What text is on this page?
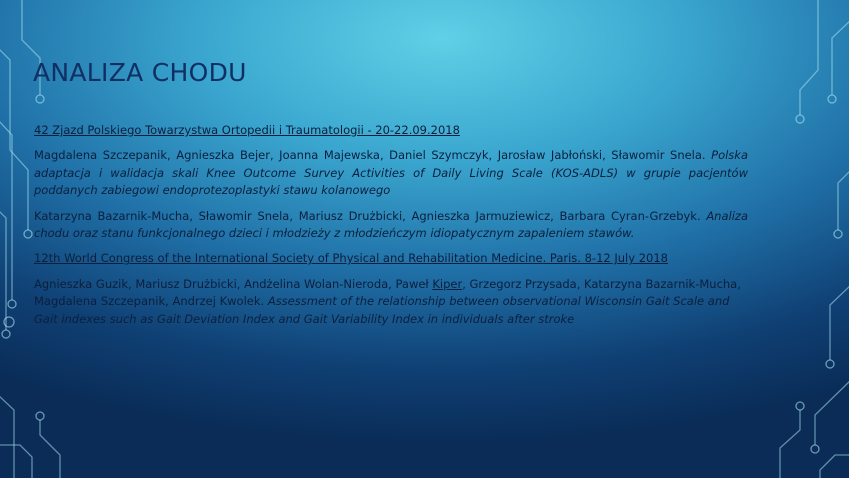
ANALIZA CHODU

42 Zjazd Polskiego Towarzystwa Ortopedii i Traumatologii - 20-22.09.2018

Magdalena Szczepanik, Agnieszka Bejer, Joanna Majewska, Daniel Szymczyk, Jarosław Jabłoński, Sławomir Snela. Polska adaptacja i walidacja skali Knee Outcome Survey Activities of Daily Living Scale (KOS-ADLS) w grupie pacjentów poddanych zabiegowi endoprotezoplastyki stawu kolanowego

Katarzyna Bazarnik-Mucha, Sławomir Snela, Mariusz Drużbicki, Agnieszka Jarmuziewicz, Barbara Cyran-Grzebyk. Analiza chodu oraz stanu funkcjonalnego dzieci i młodzieży z młodzieńczym idiopatycznym zapaleniem stawów.

12th World Congress of the International Society of Physical and Rehabilitation Medicine. Paris. 8-12 July 2018

Agnieszka Guzik, Mariusz Drużbicki, Andżelina Wolan-Nieroda, Paweł Kiper, Grzegorz Przysada, Katarzyna Bazarnik-Mucha, Magdalena Szczepanik, Andrzej Kwolek. Assessment of the relationship between observational Wisconsin Gait Scale and Gait indexes such as Gait Deviation Index and Gait Variability Index in individuals after stroke
